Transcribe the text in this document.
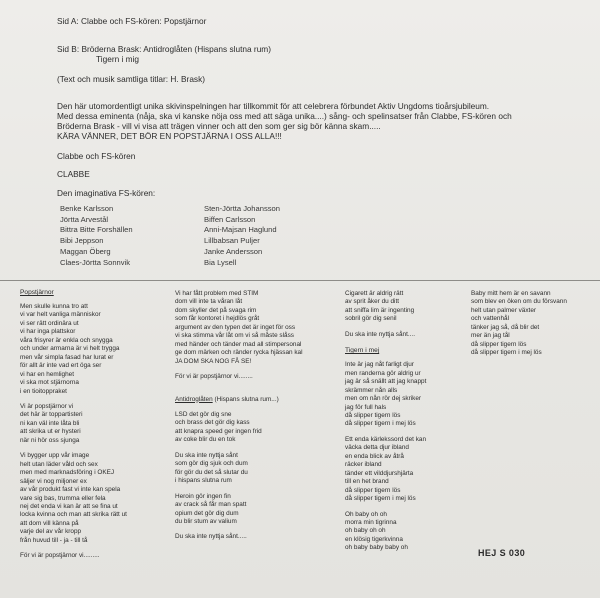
Sid A: Clabbe och FS-kören: Popstjärnor
Sid B: Bröderna Brask: Antidroglåten (Hispans slutna rum)
Tigern i mig
(Text och musik samtliga titlar: H. Brask)
Den här utomordentligt unika skivinspelningen har tillkommit för att celebrera förbundet Aktiv Ungdoms tioårsjubileum.
Med dessa eminenta (nåja, ska vi kanske nöja oss med att säga unika....) sång- och spelinsatser från Clabbe, FS-kören och
Bröderna Brask - vill vi visa att trägen vinner och att den som ger sig bör känna skam.....
KÄRA VÄNNER, DET BÖR EN POPSTJÄRNA I OSS ALLA!!!
Clabbe och FS-kören
CLABBE
Den imaginativa FS-kören:
Benke Karlsson
Jörtta Arvestål
Bittra Bitte Forshällen
Bibi Jeppson
Maggan Öberg
Claes-Jörtta Sonnvik
Sten-Jörtta Johansson
Biffen Carlsson
Anni-Majsan Haglund
Lillbabsan Puljer
Janke Andersson
Bia Lysell
Popstjärnor
Men skulle kunna tro att
vi var helt vanliga människor
vi ser rätt ordinära ut
vi har inga plattskor
våra frisyrer är enkla och snygga
och under armarna är vi helt trygga
men vår simpla fasad har lurat er
för allt är inte vad ert öga ser
vi har en hemlighet
vi ska mot stjärnorna
i en tioitoppraket
Vi är popstjärnor vi
det här är toppartisteri
ni kan väl inte låta bli
att skrika ut er hysteri
när ni hör oss sjunga
Vi bygger upp vår image
helt utan läder våld och sex
men med marknadsföring i OKEJ
säljer vi nog miljoner ex
av vår produkt fast vi inte kan spela
vare sig bas, trumma eller fela
nej det enda vi kan är att se fina ut
locka kvinna och man att skrika rätt ut
att dom vill känna på
varje del av vår kropp
från huvud till - ja - till tå
För vi är popstjärnor vi.........
Vi har fått problem med STIM
dom vill inte ta våran låt
dom skyller det på svaga rim
som får kontoret i hejdlös gråt
argument av den typen det är inget för oss
vi ska stimma vår låt om vi så måste slåss
med händer och tänder mad all stimpersonal
ge dom märken och ränder rycka hjässan kal
JA DOM SKA NOG FÅ SE!
För vi är popstjärnor vi........
Antidroglåten (Hispans slutna rum...)
LSD det gör dig sne
och brass det gör dig kass
att knapra speed ger ingen frid
av coke blir du en tok
Du ska inte nyttja sånt
som gör dig sjuk och dum
för gör du det så slutar du
i hispans slutna rum
Heroin gör ingen fin
av crack så får man spatt
opium det gör dig dum
du blir stum av valium
Du ska inte nyttja sånt.....
Cigarett är aldrig rätt
av sprit åker du ditt
att sniffa lim är ingenting
sobril gör dig senil
Du ska inte nyttja sånt....
Tigern i mej
Inte är jag nåt farligt djur
men randerna gör aldrig ur
jag är så snällt att jag knappt
skrämmer nån alls
men om nån rör dej skriker
jag för full hals
då slipper tigern lös
då slipper tigern i mej lös
Ett enda kärlekssord det kan
väcka detta djur ibland
en enda blick av åtrå
räcker ibland
tänder ett vilddjurshjärta
till en het brand
då slipper tigern lös
då slipper tigern i mej lös
Oh baby oh oh
morra min tigrinna
oh baby oh oh
en klösig tigerkvinna
oh baby baby baby oh
Baby mitt hem är en savann
som blev en öken om du försvann
helt utan palmer växter
och vattenhål
tänker jag så, då blir det
mer än jag tål
då slipper tigern lös
då slipper tigern i mej lös
HEJ S 030
